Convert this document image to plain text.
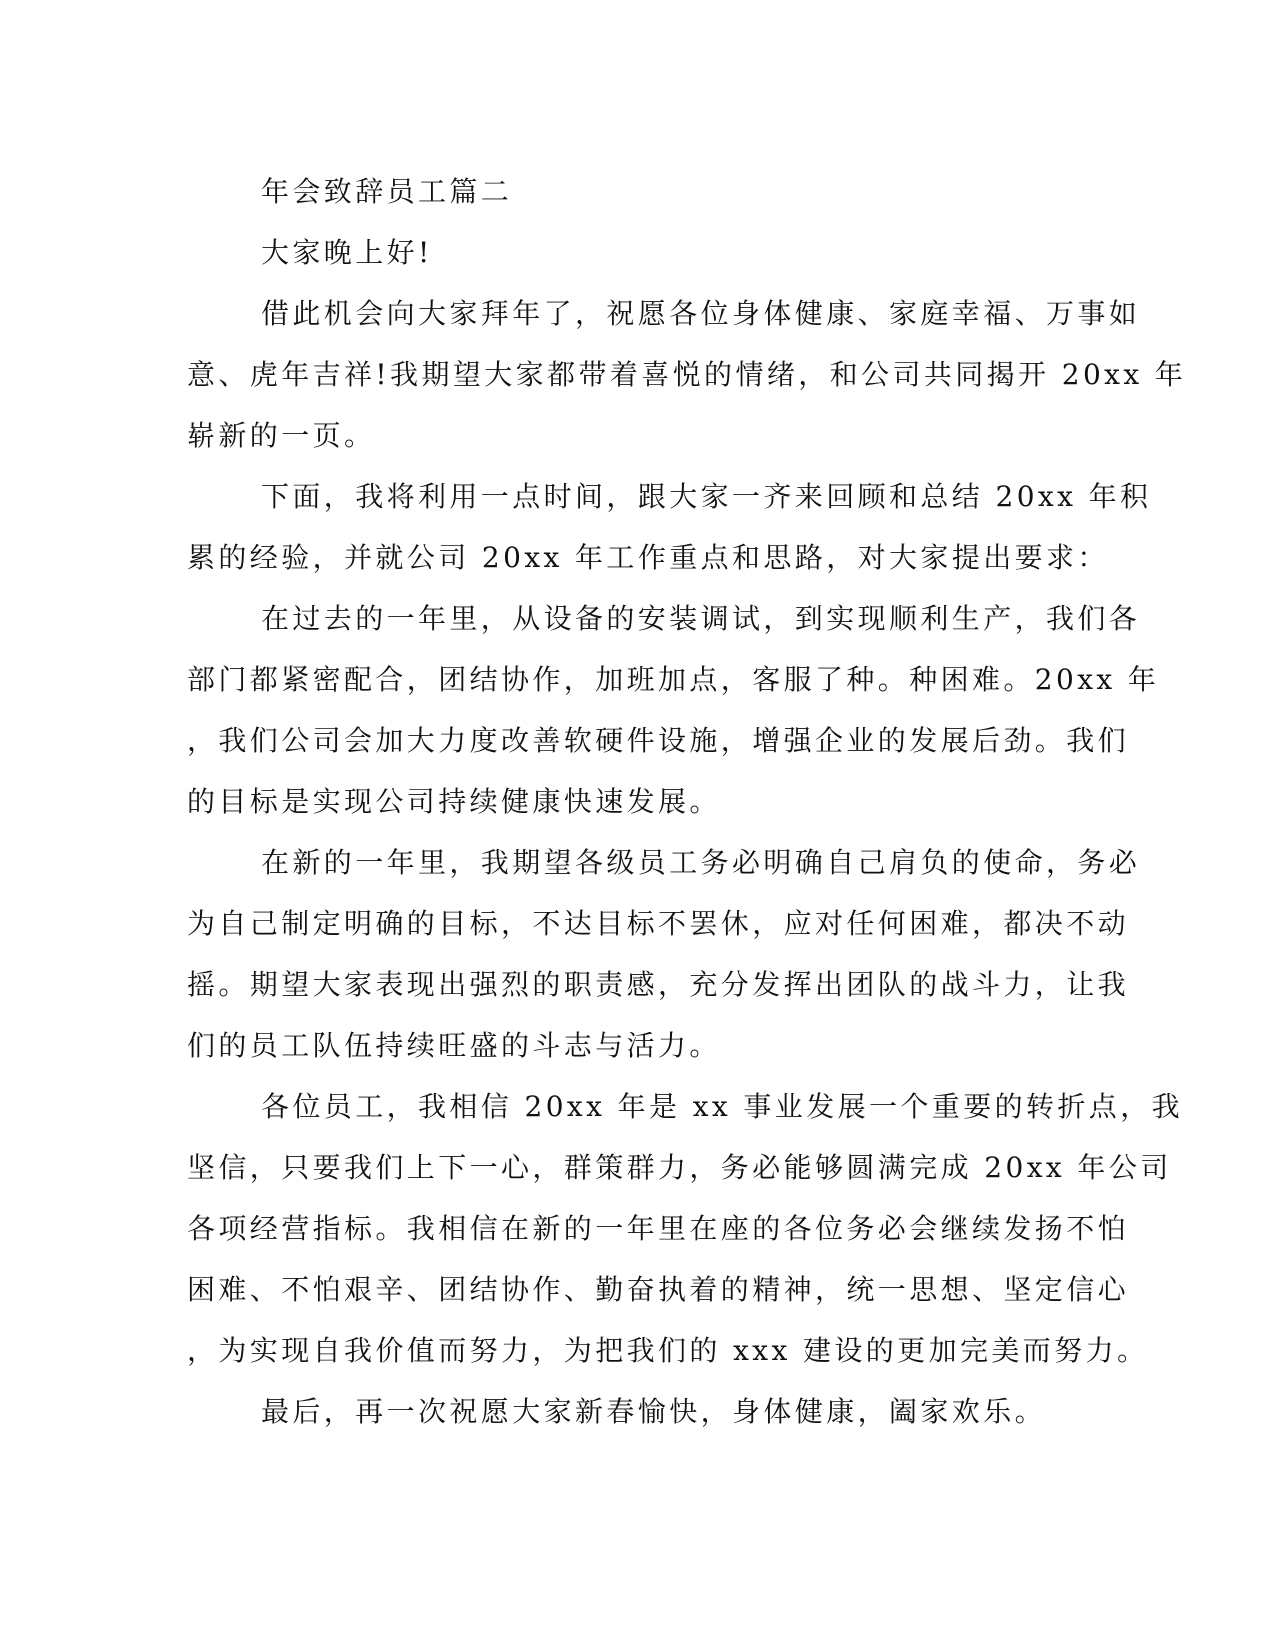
年会致辞员工篇二
大家晚上好!
借此机会向大家拜年了，祝愿各位身体健康、家庭幸福、万事如
意、虎年吉祥!我期望大家都带着喜悦的情绪，和公司共同揭开 20xx 年
崭新的一页。
下面，我将利用一点时间，跟大家一齐来回顾和总结 20xx 年积
累的经验，并就公司 20xx 年工作重点和思路，对大家提出要求：
在过去的一年里，从设备的安装调试，到实现顺利生产，我们各
部门都紧密配合，团结协作，加班加点，客服了种。种困难。20xx 年
，我们公司会加大力度改善软硬件设施，增强企业的发展后劲。我们
的目标是实现公司持续健康快速发展。
在新的一年里，我期望各级员工务必明确自己肩负的使命，务必
为自己制定明确的目标，不达目标不罢休，应对任何困难，都决不动
摇。期望大家表现出强烈的职责感，充分发挥出团队的战斗力，让我
们的员工队伍持续旺盛的斗志与活力。
各位员工，我相信 20xx 年是 xx 事业发展一个重要的转折点，我
坚信，只要我们上下一心，群策群力，务必能够圆满完成 20xx 年公司
各项经营指标。我相信在新的一年里在座的各位务必会继续发扬不怕
困难、不怕艰辛、团结协作、勤奋执着的精神，统一思想、坚定信心
，为实现自我价值而努力，为把我们的 xxx 建设的更加完美而努力。
最后，再一次祝愿大家新春愉快，身体健康，阖家欢乐。
